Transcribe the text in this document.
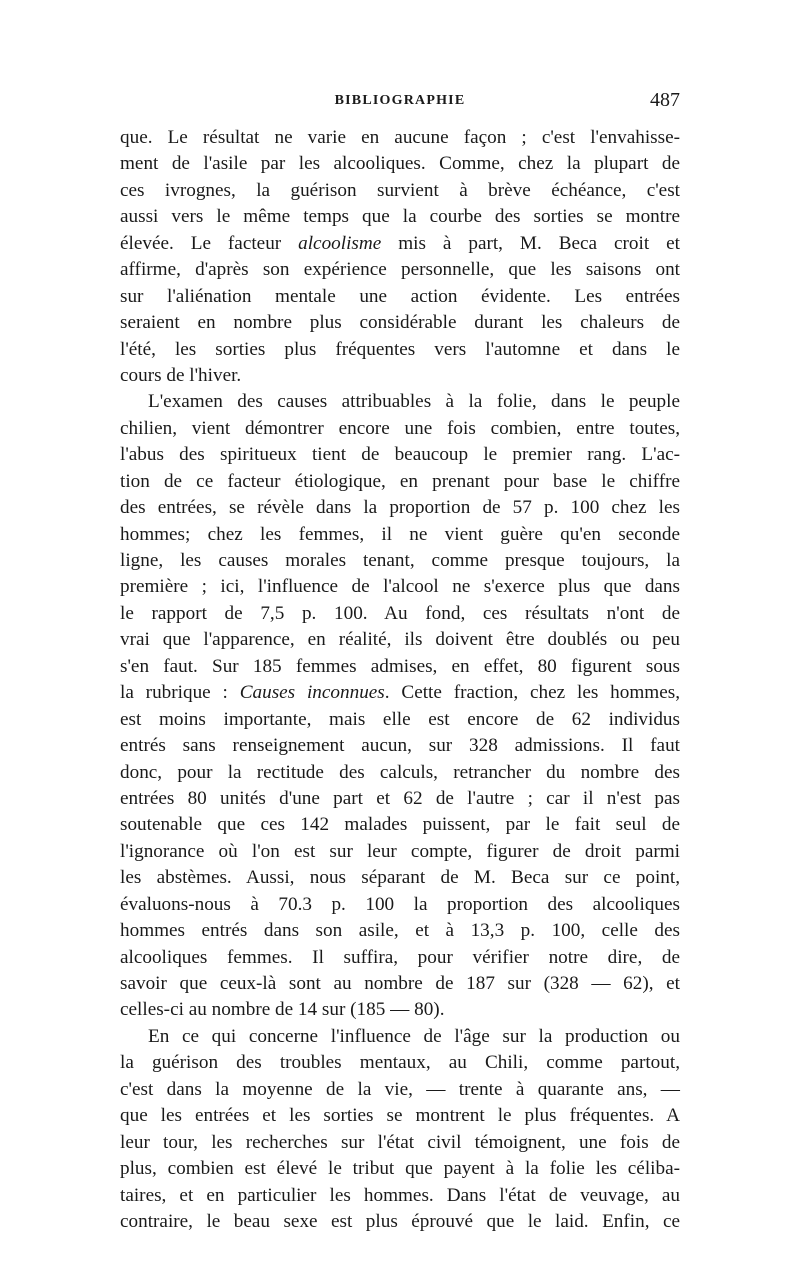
BIBLIOGRAPHIE	487
que. Le résultat ne varie en aucune façon ; c'est l'envahisse-
ment de l'asile par les alcooliques. Comme, chez la plupart de
ces ivrognes, la guérison survient à brève échéance, c'est
aussi vers le même temps que la courbe des sorties se montre
élevée. Le facteur alcoolisme mis à part, M. Beca croit et
affirme, d'après son expérience personnelle, que les saisons ont
sur l'aliénation mentale une action évidente. Les entrées
seraient en nombre plus considérable durant les chaleurs de
l'été, les sorties plus fréquentes vers l'automne et dans le
cours de l'hiver.
L'examen des causes attribuables à la folie, dans le peuple
chilien, vient démontrer encore une fois combien, entre toutes,
l'abus des spiritueux tient de beaucoup le premier rang. L'ac-
tion de ce facteur étiologique, en prenant pour base le chiffre
des entrées, se révèle dans la proportion de 57 p. 100 chez les
hommes; chez les femmes, il ne vient guère qu'en seconde
ligne, les causes morales tenant, comme presque toujours, la
première ; ici, l'influence de l'alcool ne s'exerce plus que dans
le rapport de 7,5 p. 100. Au fond, ces résultats n'ont de
vrai que l'apparence, en réalité, ils doivent être doublés ou peu
s'en faut. Sur 185 femmes admises, en effet, 80 figurent sous
la rubrique : Causes inconnues. Cette fraction, chez les hommes,
est moins importante, mais elle est encore de 62 individus
entrés sans renseignement aucun, sur 328 admissions. Il faut
donc, pour la rectitude des calculs, retrancher du nombre des
entrées 80 unités d'une part et 62 de l'autre ; car il n'est pas
soutenable que ces 142 malades puissent, par le fait seul de
l'ignorance où l'on est sur leur compte, figurer de droit parmi
les abstèmes. Aussi, nous séparant de M. Beca sur ce point,
évaluons-nous à 70.3 p. 100 la proportion des alcooliques
hommes entrés dans son asile, et à 13,3 p. 100, celle des
alcooliques femmes. Il suffira, pour vérifier notre dire, de
savoir que ceux-là sont au nombre de 187 sur (328 — 62), et
celles-ci au nombre de 14 sur (185 — 80).
En ce qui concerne l'influence de l'âge sur la production ou
la guérison des troubles mentaux, au Chili, comme partout,
c'est dans la moyenne de la vie, — trente à quarante ans, —
que les entrées et les sorties se montrent le plus fréquentes. A
leur tour, les recherches sur l'état civil témoignent, une fois de
plus, combien est élevé le tribut que payent à la folie les céliba-
taires, et en particulier les hommes. Dans l'état de veuvage, au
contraire, le beau sexe est plus éprouvé que le laid. Enfin, ce
